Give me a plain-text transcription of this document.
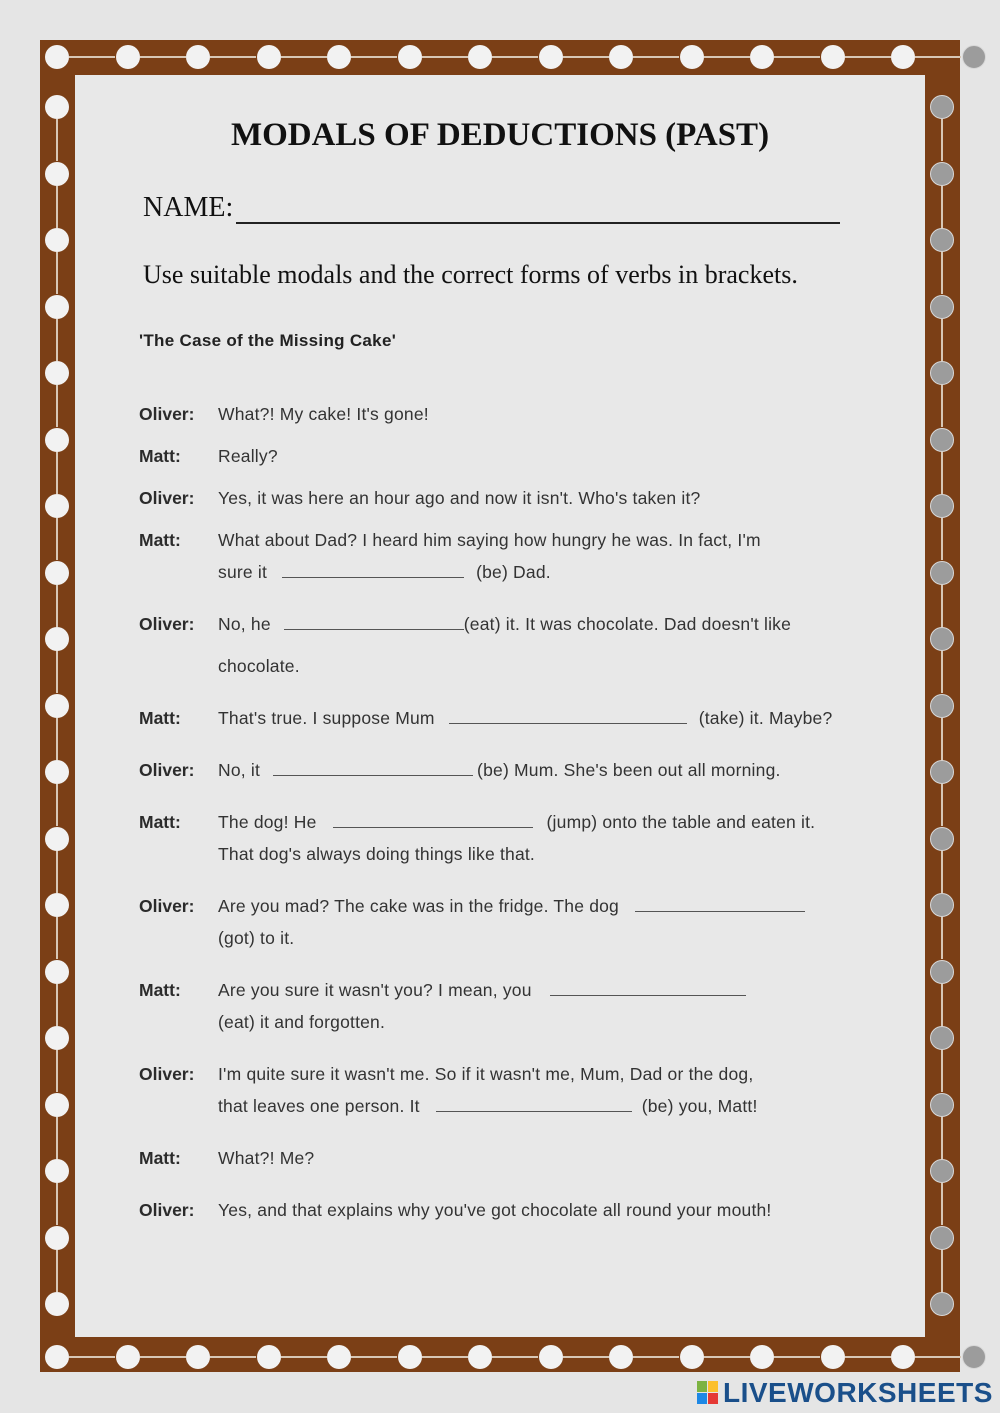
MODALS OF DEDUCTIONS (PAST)
NAME:

Use suitable modals and the correct forms of verbs in brackets.

'The Case of the Missing Cake'
Oliver: What?! My cake! It's gone!
Matt: Really?
Oliver: Yes, it was here an hour ago and now it isn't. Who's taken it?
Matt: What about Dad? I heard him saying how hungry he was. In fact, I'm
sure it	(be) Dad.
Oliver: No, he	(eat) it. It was chocolate. Dad doesn't like
chocolate.
Matt: That's true. I suppose Mum	(take) it. Maybe?
Oliver: No, it	(be) Mum. She's been out all morning.
Matt: The dog! He	(jump) onto the table and eaten it.
That dog's always doing things like that.
Oliver: Are you mad? The cake was in the fridge. The dog
(got) to it.
Matt: Are you sure it wasn't you? I mean, you
(eat) it and forgotten.
Oliver: I'm quite sure it wasn't me. So if it wasn't me, Mum, Dad or the dog,
that leaves one person. It	(be) you, Matt!
Matt: What?! Me?
Oliver: Yes, and that explains why you've got chocolate all round your mouth!
LIVEWORKSHEETS
